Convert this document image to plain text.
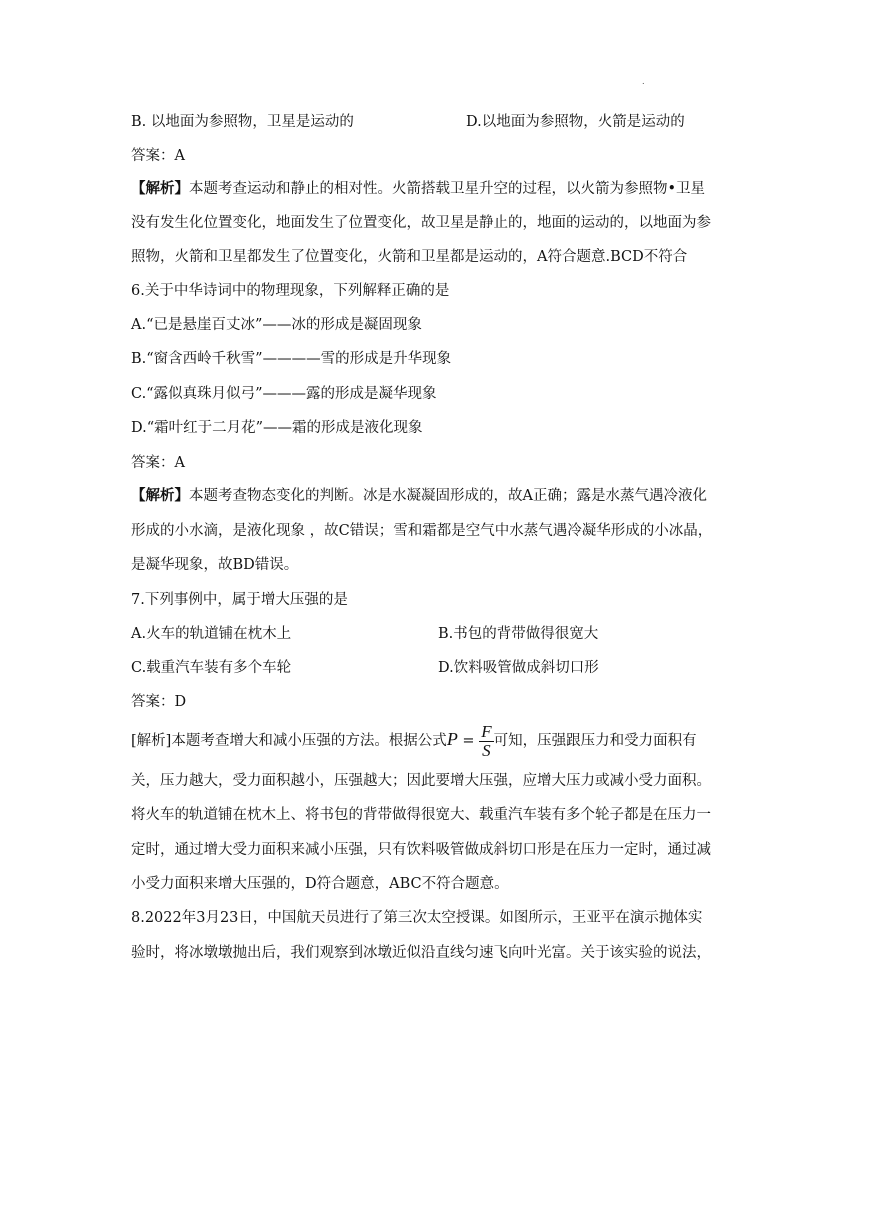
.
B. 以地面为参照物，卫星是运动的	D.以地面为参照物，火箭是运动的
答案：A
【解析】本题考查运动和静止的相对性。火箭搭载卫星升空的过程，以火箭为参照物•卫星
没有发生化位置变化，地面发生了位置变化，故卫星是静止的，地面的运动的，以地面为参
照物，火箭和卫星都发生了位置变化，火箭和卫星都是运动的，A符合题意.BCD不符合
6.关于中华诗词中的物理现象，下列解释正确的是
A.“已是悬崖百丈冰”——冰的形成是凝固现象
B.“窗含西岭千秋雪”————雪的形成是升华现象
C.“露似真珠月似弓”———露的形成是凝华现象
D.“霜叶红于二月花”——霜的形成是液化现象
答案：A
【解析】本题考查物态变化的判断。冰是水凝凝固形成的，故A正确；露是水蒸气遇冷液化
形成的小水滴，是液化现象 ，故C错误；雪和霜都是空气中水蒸气遇冷凝华形成的小冰晶，
是凝华现象，故BD错误。
7.下列事例中，属于增大压强的是
A.火车的轨道铺在枕木上	B.书包的背带做得很宽大
C.载重汽车装有多个车轮	D.饮料吸管做成斜切口形
答案：D
[解析]本题考查增大和减小压强的方法。根据公式$P = \frac{F}{S}$ 可知，压强跟压力和受力面积有
关，压力越大，受力面积越小，压强越大；因此要增大压强，应增大压力或减小受力面积。
将火车的轨道铺在枕木上、将书包的背带做得很宽大、载重汽车装有多个轮子都是在压力一
定时，通过增大受力面积来减小压强，只有饮料吸管做成斜切口形是在压力一定时，通过减
小受力面积来增大压强的，D符合题意，ABC不符合题意。
8.2022年3月23日，中国航天员进行了第三次太空授课。如图所示，王亚平在演示抛体实
验时，将冰墩墩抛出后，我们观察到冰墩近似沿直线匀速飞向叶光富。关于该实验的说法，
